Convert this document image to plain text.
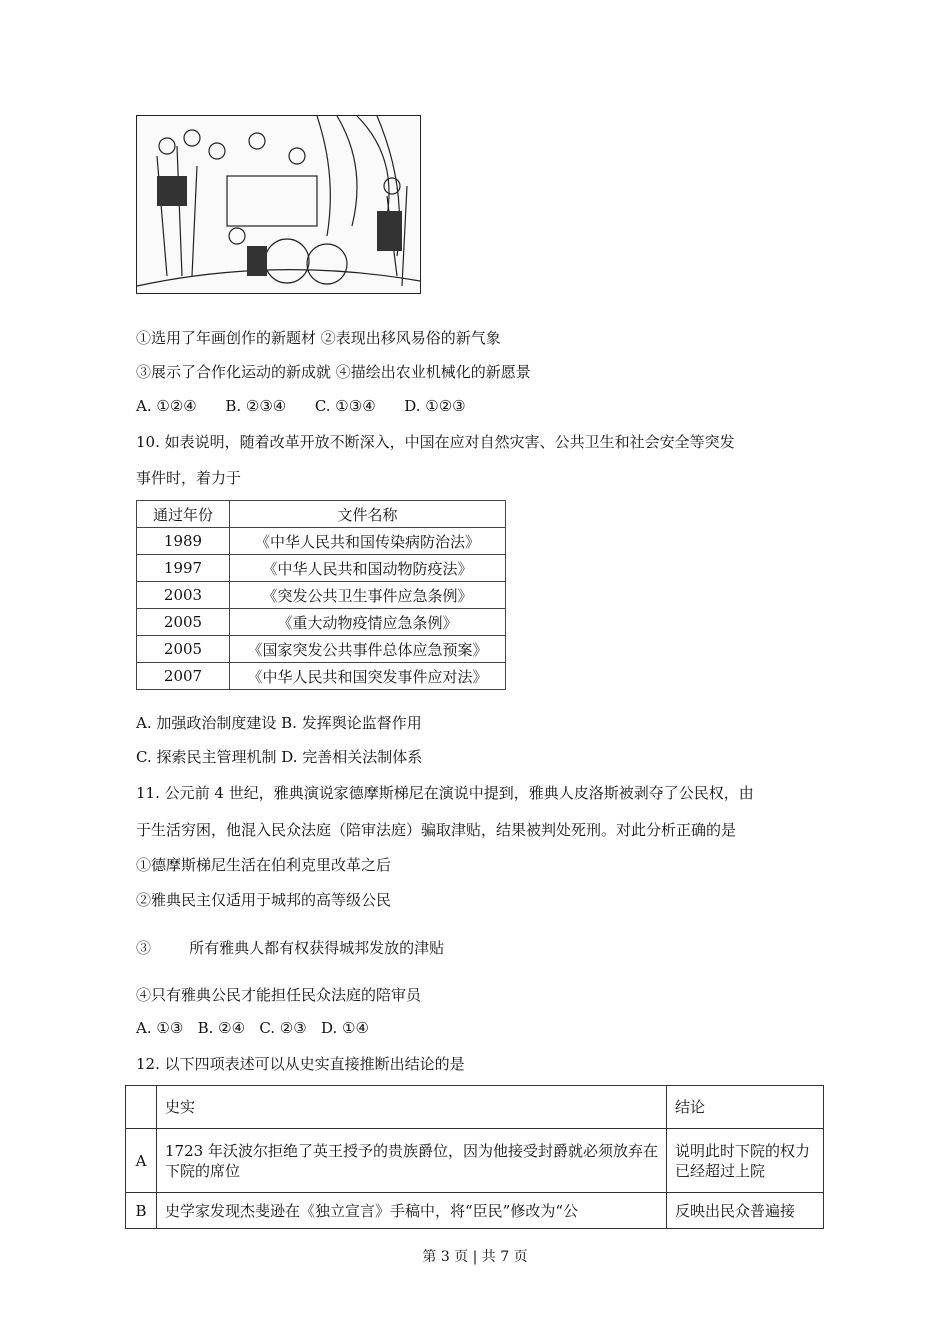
①选用了年画创作的新题材 ②表现出移风易俗的新气象
③展示了合作化运动的新成就 ④描绘出农业机械化的新愿景
A. ①②④      B. ②③④      C. ①③④      D. ①②③
10. 如表说明，随着改革开放不断深入，中国在应对自然灾害、公共卫生和社会安全等突发
事件时，着力于
通过年份	文件名称
1989	《中华人民共和国传染病防治法》
1997	《中华人民共和国动物防疫法》
2003	《突发公共卫生事件应急条例》
2005	《重大动物疫情应急条例》
2005	《国家突发公共事件总体应急预案》
2007	《中华人民共和国突发事件应对法》
A. 加强政治制度建设 B. 发挥舆论监督作用
C. 探索民主管理机制 D. 完善相关法制体系
11. 公元前 4 世纪，雅典演说家德摩斯梯尼在演说中提到，雅典人皮洛斯被剥夺了公民权，由
于生活穷困，他混入民众法庭（陪审法庭）骗取津贴，结果被判处死刑。对此分析正确的是
①德摩斯梯尼生活在伯利克里改革之后
②雅典民主仅适用于城邦的高等级公民
③        所有雅典人都有权获得城邦发放的津贴
④只有雅典公民才能担任民众法庭的陪审员
A. ①③   B. ②④   C. ②③   D. ①④
12. 以下四项表述可以从史实直接推断出结论的是
	史实	结论
A	1723 年沃波尔拒绝了英王授予的贵族爵位，因为他接受封爵就必须放弃在下院的席位	说明此时下院的权力已经超过上院
B	史学家发现杰斐逊在《独立宣言》手稿中，将“臣民”修改为“公	反映出民众普遍接
第 3 页 | 共 7 页
